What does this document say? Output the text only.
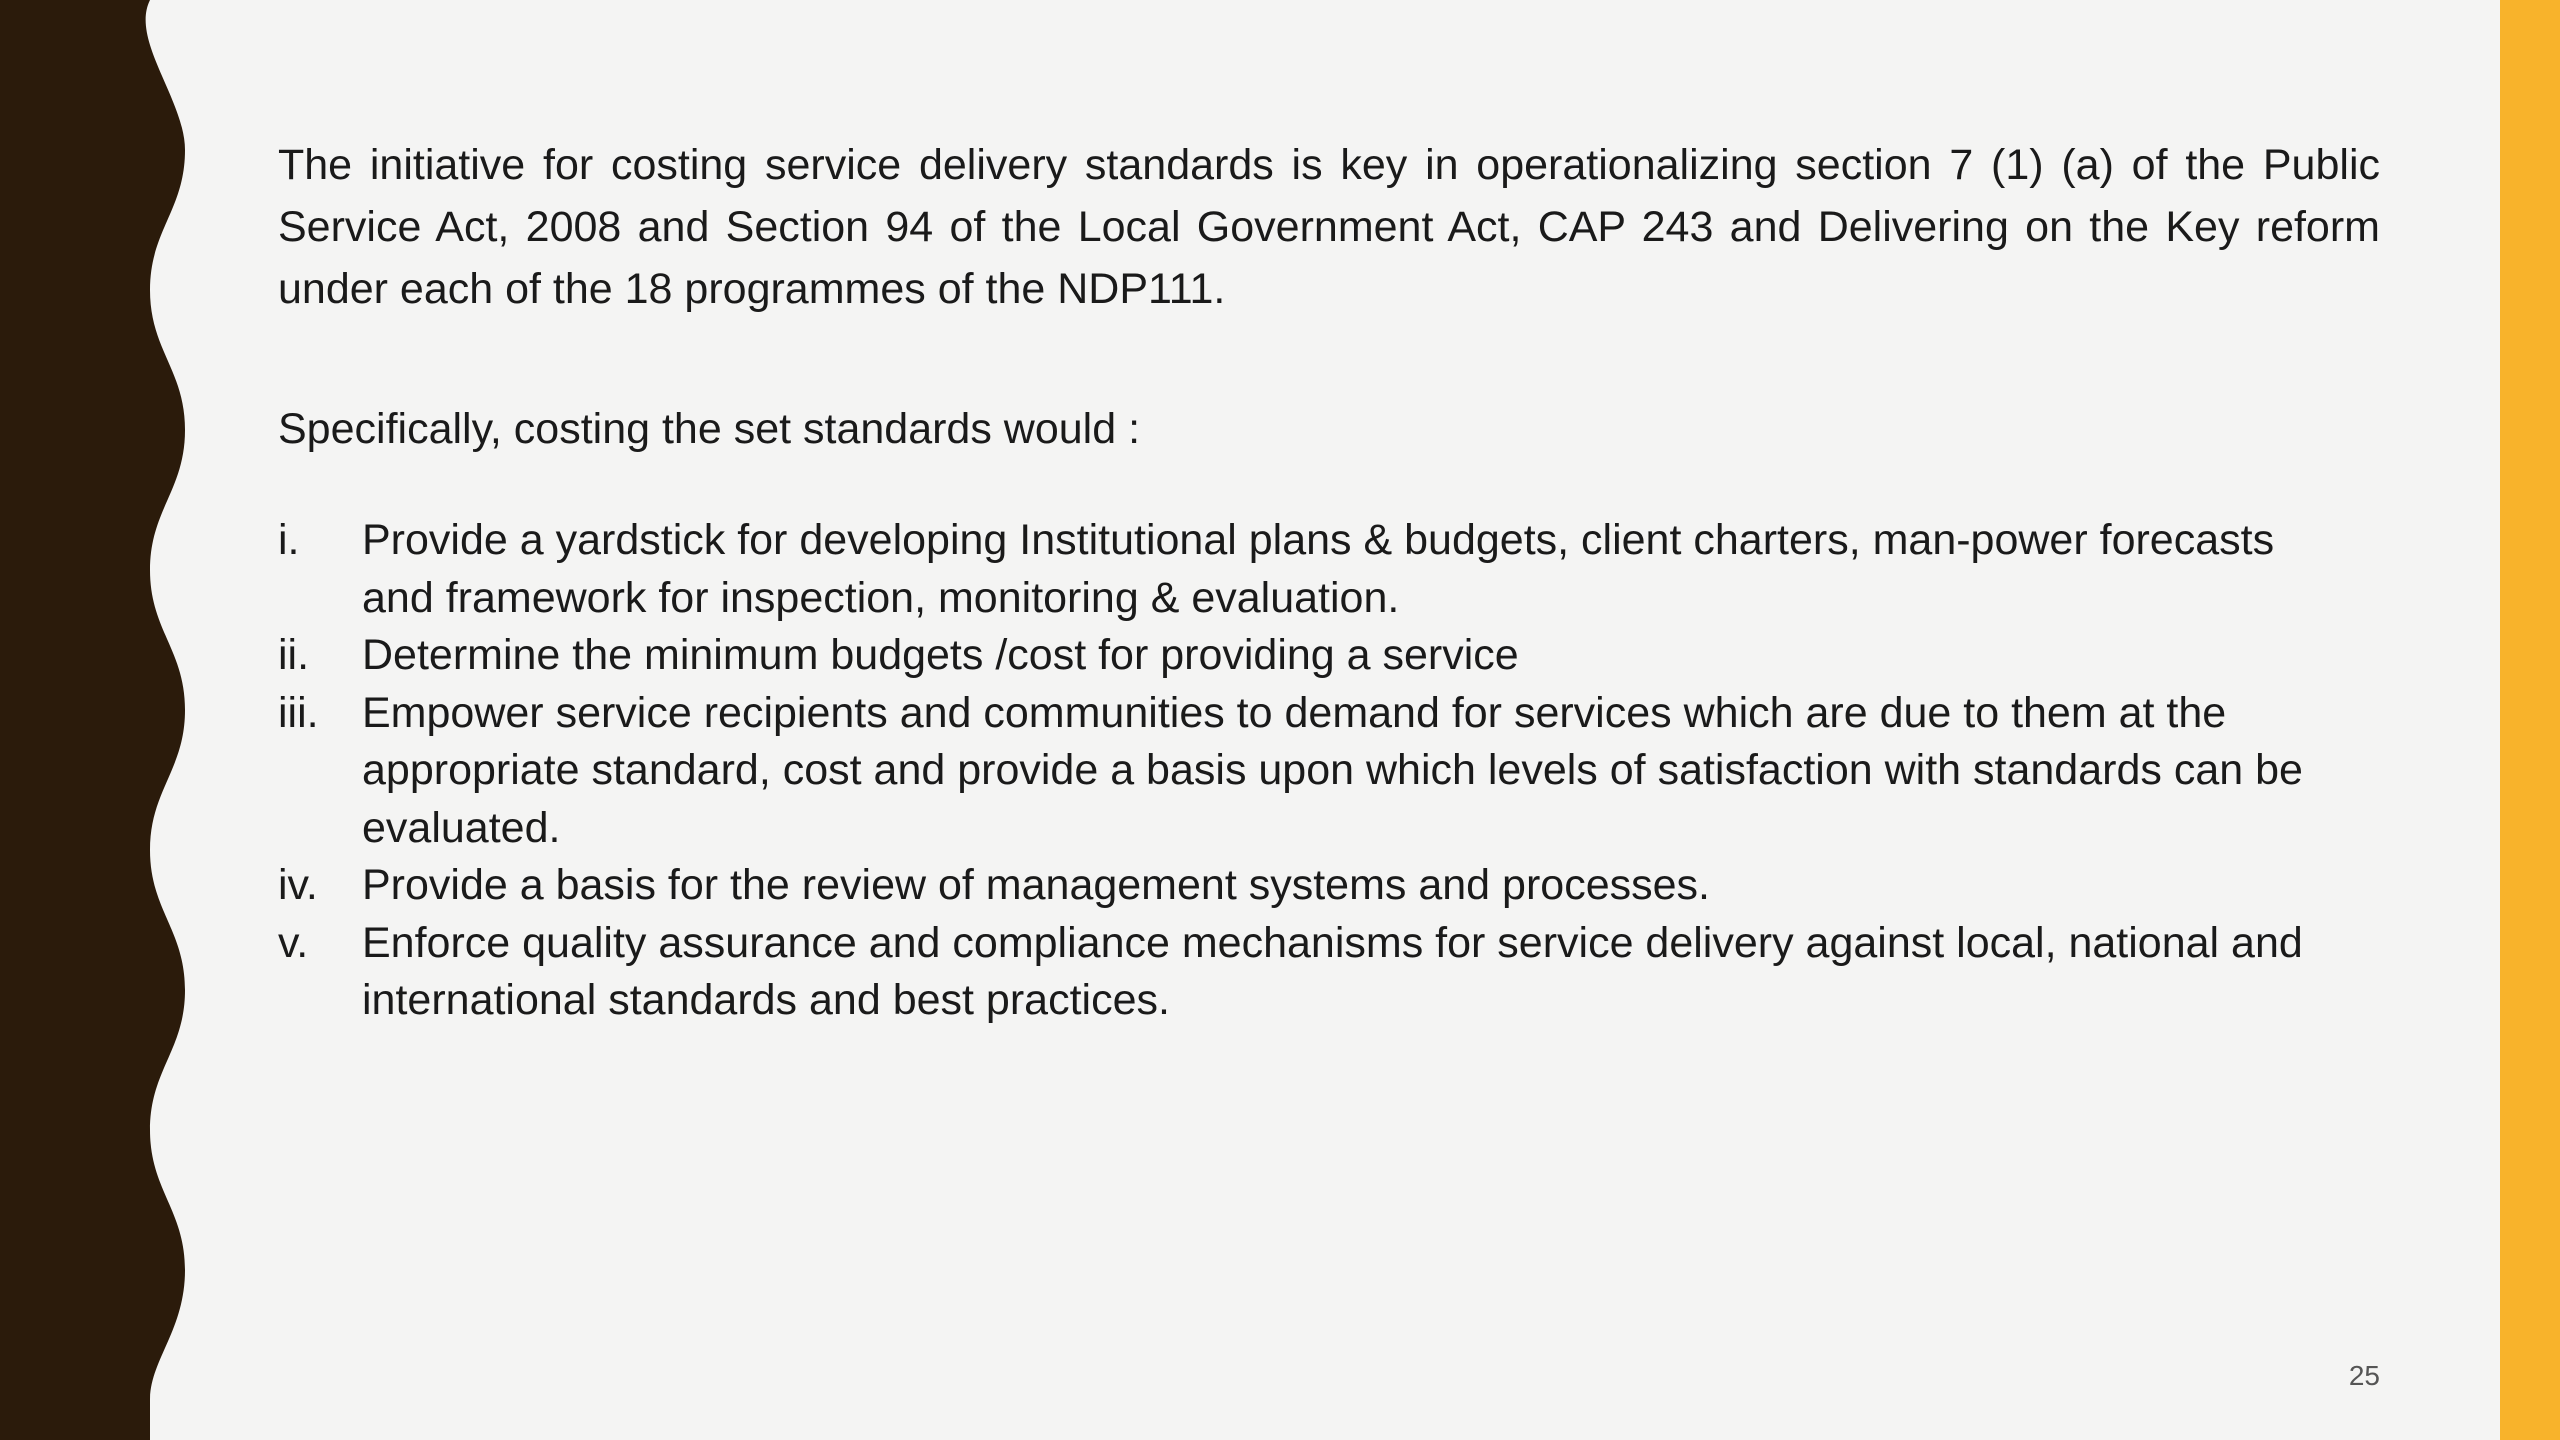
The initiative for costing service delivery standards is key in operationalizing section 7 (1) (a) of the Public Service Act, 2008 and Section 94 of the Local Government Act, CAP 243 and Delivering on the Key reform under each of the 18 programmes of the NDP111.

Specifically, costing the set standards would :

i.	Provide a yardstick for developing Institutional plans & budgets, client charters, man-power forecasts and framework for inspection, monitoring & evaluation.
ii.	Determine the minimum budgets /cost for providing a service
iii.	Empower service recipients and communities to demand for services which are due to them at the appropriate standard, cost and provide a basis upon which levels of satisfaction with standards can be evaluated.
iv.	Provide a basis for the review of management systems and processes.
v.	Enforce quality assurance and compliance mechanisms for service delivery against local, national and international standards and best practices.
25
